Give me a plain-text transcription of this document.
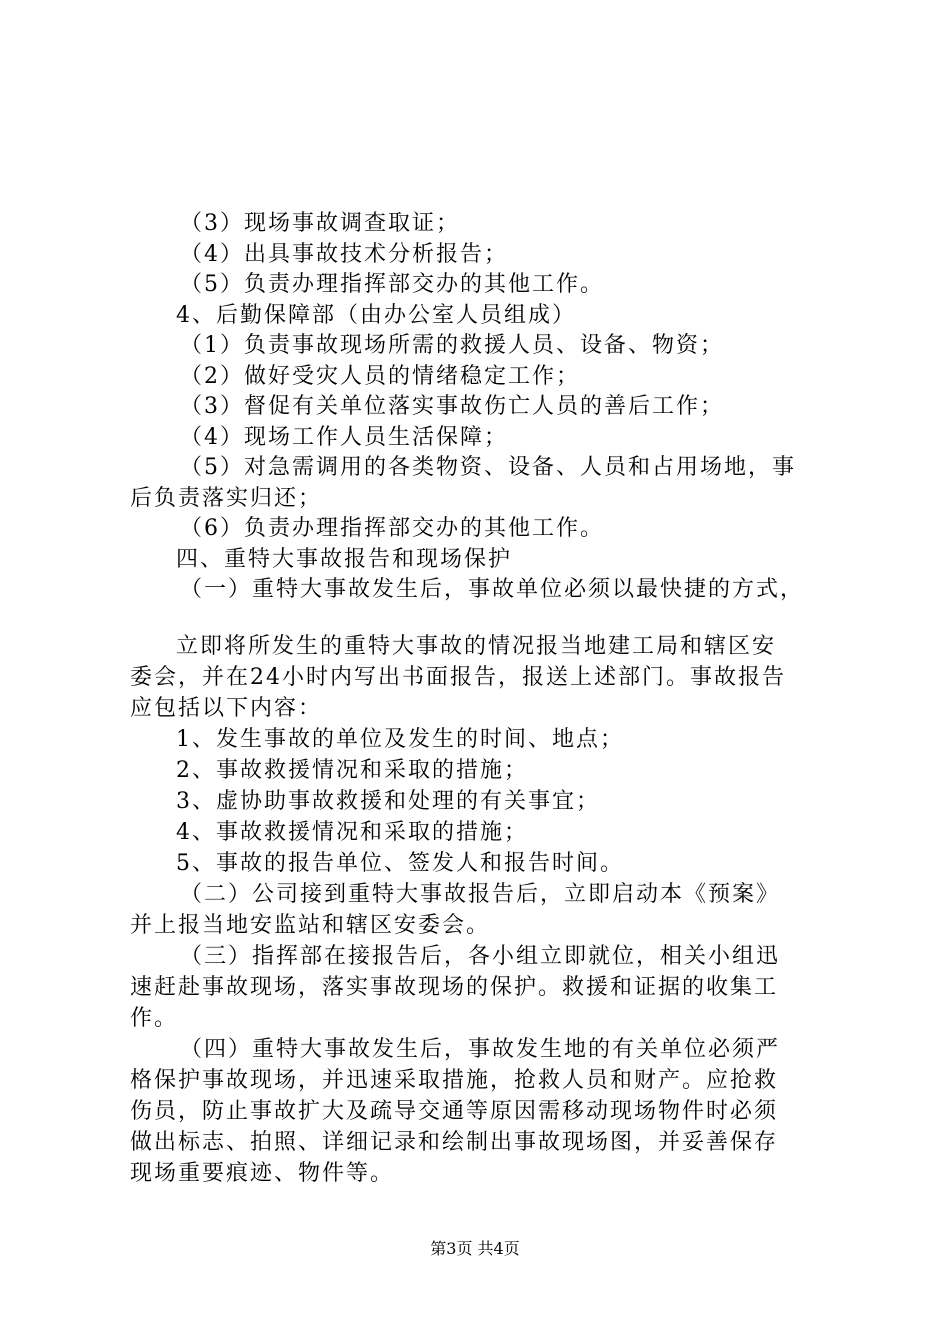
（3）现场事故调查取证；
（4）出具事故技术分析报告；
（5）负责办理指挥部交办的其他工作。
4、后勤保障部（由办公室人员组成）
（1）负责事故现场所需的救援人员、设备、物资；
（2）做好受灾人员的情绪稳定工作；
（3）督促有关单位落实事故伤亡人员的善后工作；
（4）现场工作人员生活保障；
（5）对急需调用的各类物资、设备、人员和占用场地，事
后负责落实归还；
（6）负责办理指挥部交办的其他工作。
四、重特大事故报告和现场保护
（一）重特大事故发生后，事故单位必须以最快捷的方式，
立即将所发生的重特大事故的情况报当地建工局和辖区安
委会，并在24小时内写出书面报告，报送上述部门。事故报告
应包括以下内容：
1、发生事故的单位及发生的时间、地点；
2、事故救援情况和采取的措施；
3、虚协助事故救援和处理的有关事宜；
4、事故救援情况和采取的措施；
5、事故的报告单位、签发人和报告时间。
（二）公司接到重特大事故报告后，立即启动本《预案》
并上报当地安监站和辖区安委会。
（三）指挥部在接报告后，各小组立即就位，相关小组迅
速赶赴事故现场，落实事故现场的保护。救援和证据的收集工
作。
（四）重特大事故发生后，事故发生地的有关单位必须严
格保护事故现场，并迅速采取措施，抢救人员和财产。应抢救
伤员，防止事故扩大及疏导交通等原因需移动现场物件时必须
做出标志、拍照、详细记录和绘制出事故现场图，并妥善保存
现场重要痕迹、物件等。
第3页 共4页
